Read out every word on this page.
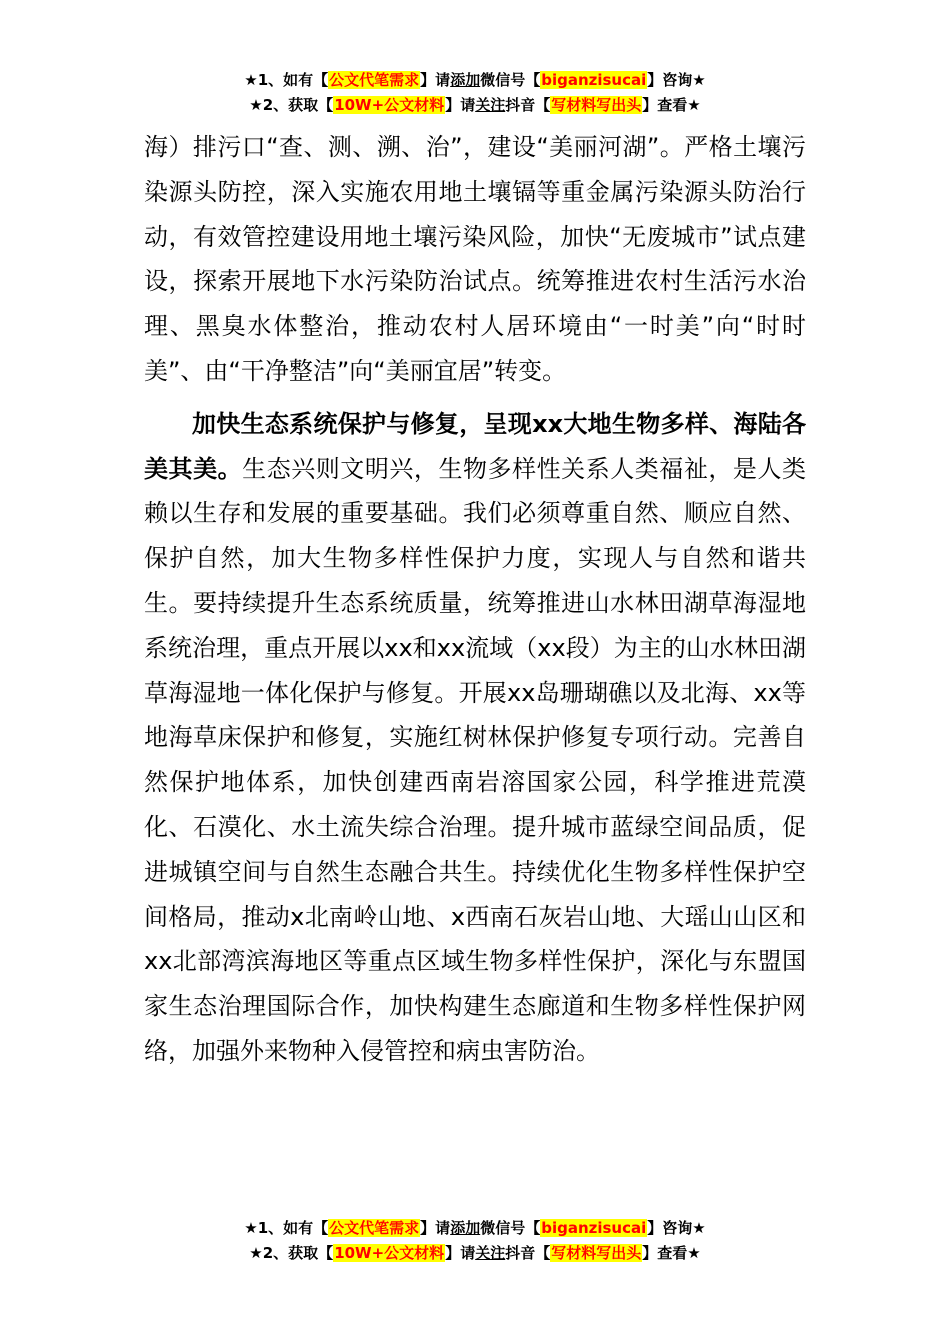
★1、如有【公文代笔需求】请添加微信号【biganzisucai】咨询★
★2、获取【10W+公文材料】请关注抖音【写材料写出头】查看★

海）排污口“查、测、溯、治”，建设“美丽河湖”。严格土壤污染源头防控，深入实施农用地土壤镉等重金属污染源头防治行动，有效管控建设用地土壤污染风险，加快“无废城市”试点建设，探索开展地下水污染防治试点。统筹推进农村生活污水治理、黑臭水体整治，推动农村人居环境由“一时美”向“时时美”、由“干净整洁”向“美丽宜居”转变。

加快生态系统保护与修复，呈现xx大地生物多样、海陆各美其美。生态兴则文明兴，生物多样性关系人类福祉，是人类赖以生存和发展的重要基础。我们必须尊重自然、顺应自然、保护自然，加大生物多样性保护力度，实现人与自然和谐共生。要持续提升生态系统质量，统筹推进山水林田湖草海湿地系统治理，重点开展以xx和xx流域（xx段）为主的山水林田湖草海湿地一体化保护与修复。开展xx岛珊瑚礁以及北海、xx等地海草床保护和修复，实施红树林保护修复专项行动。完善自然保护地体系，加快创建西南岩溶国家公园，科学推进荒漠化、石漠化、水土流失综合治理。提升城市蓝绿空间品质，促进城镇空间与自然生态融合共生。持续优化生物多样性保护空间格局，推动x北南岭山地、x西南石灰岩山地、大瑶山山区和xx北部湾滨海地区等重点区域生物多样性保护，深化与东盟国家生态治理国际合作，加快构建生态廊道和生物多样性保护网络，加强外来物种入侵管控和病虫害防治。

★1、如有【公文代笔需求】请添加微信号【biganzisucai】咨询★
★2、获取【10W+公文材料】请关注抖音【写材料写出头】查看★
